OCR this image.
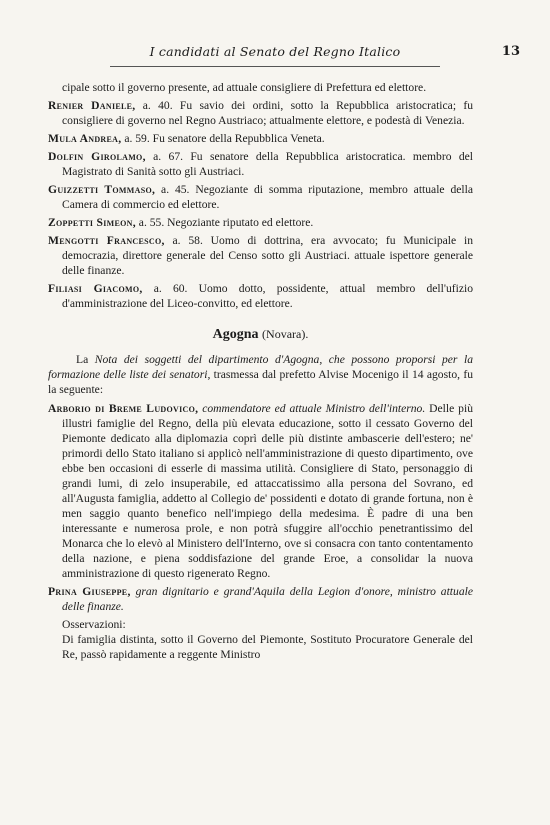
I candidati al Senato del Regno Italico	13

cipale sotto il governo presente, ad attuale consigliere di Prefettura ed elettore.

Renier Daniele, a. 40. Fu savio dei ordini, sotto la Repubblica aristocratica; fu consigliere di governo nel Regno Austriaco; attualmente elettore, e podestà di Venezia.

Mula Andrea, a. 59. Fu senatore della Repubblica Veneta.

Dolfin Girolamo, a. 67. Fu senatore della Repubblica aristocratica. membro del Magistrato di Sanità sotto gli Austriaci.

Guizzetti Tommaso, a. 45. Negoziante di somma riputazione, membro attuale della Camera di commercio ed elettore.

Zoppetti Simeon, a. 55. Negoziante riputato ed elettore.

Mengotti Francesco, a. 58. Uomo di dottrina, era avvocato; fu Municipale in democrazia, direttore generale del Censo sotto gli Austriaci. attuale ispettore generale delle finanze.

Filiasi Giacomo, a. 60. Uomo dotto, possidente, attual membro dell'ufizio d'amministrazione del Liceo-convitto, ed elettore.

Agogna (Novara).

La Nota dei soggetti del dipartimento d'Agogna, che possono proporsi per la formazione delle liste dei senatori, trasmessa dal prefetto Alvise Mocenigo il 14 agosto, fu la seguente:

Arborio di Breme Ludovico, commendatore ed attuale Ministro dell'interno. Delle più illustri famiglie del Regno, della più elevata educazione, sotto il cessato Governo del Piemonte dedicato alla diplomazia coprì delle più distinte ambascerie dell'estero; ne' primordi dello Stato italiano si applicò nell'amministrazione di questo dipartimento, ove ebbe ben occasioni di esserle di massima utilità. Consigliere di Stato, personaggio di grandi lumi, di zelo insuperabile, ed attaccatissimo alla persona del Sovrano, ed all'Augusta famiglia, addetto al Collegio de' possidenti e dotato di grande fortuna, non è men saggio quanto benefico nell'impiego della medesima. È padre di una ben interessante e numerosa prole, e non potrà sfuggire all'occhio penetrantissimo del Monarca che lo elevò al Ministero dell'Interno, ove si consacra con tanto contentamento della nazione, e piena soddisfazione del grande Eroe, a consolidar la nuova amministrazione di questo rigenerato Regno.

Prina Giuseppe, gran dignitario e grand'Aquila della Legion d'onore, ministro attuale delle finanze.

Osservazioni:

Di famiglia distinta, sotto il Governo del Piemonte, Sostituto Procuratore Generale del Re, passò rapidamente a reggente Ministro
